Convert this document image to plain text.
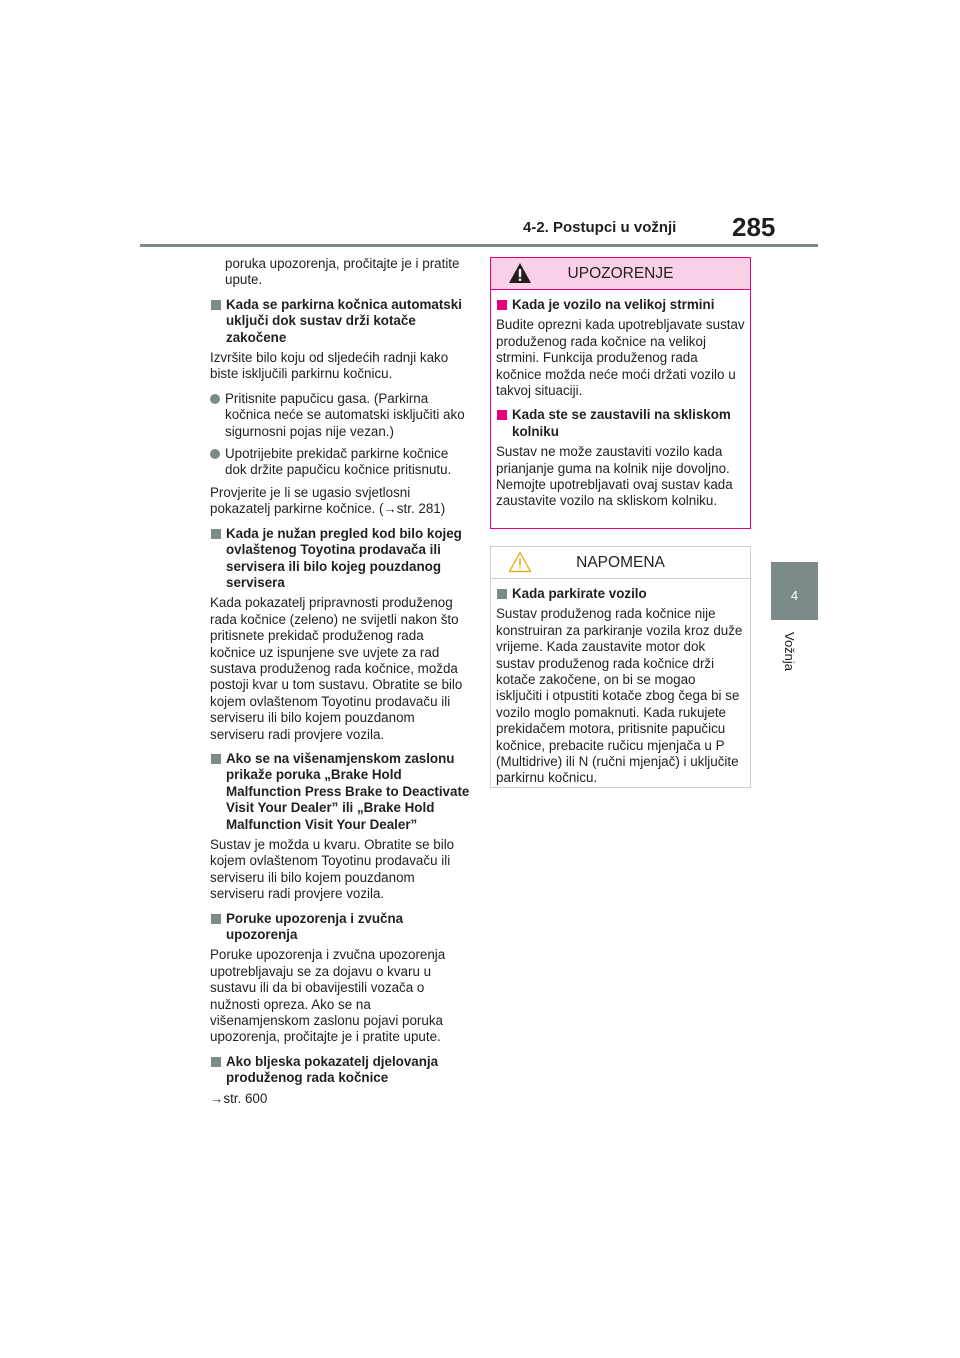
4-2. Postupci u vožnji 285
4
Vožnja

poruka upozorenja, pročitajte je i pratite upute.

Kada se parkirna kočnica automatski uključi dok sustav drži kotače zakočene

Izvršite bilo koju od sljedećih radnji kako biste isključili parkirnu kočnicu.

Pritisnite papučicu gasa. (Parkirna kočnica neće se automatski isključiti ako sigurnosni pojas nije vezan.)
Upotrijebite prekidač parkirne kočnice dok držite papučicu kočnice pritisnutu.

Provjerite je li se ugasio svjetlosni pokazatelj parkirne kočnice. (→str. 281)

Kada je nužan pregled kod bilo kojeg ovlaštenog Toyotina prodavača ili servisera ili bilo kojeg pouzdanog servisera

Kada pokazatelj pripravnosti produženog rada kočnice (zeleno) ne svijetli nakon što pritisnete prekidač produženog rada kočnice uz ispunjene sve uvjete za rad sustava produženog rada kočnice, možda postoji kvar u tom sustavu. Obratite se bilo kojem ovlaštenom Toyotinu prodavaču ili serviseru ili bilo kojem pouzdanom serviseru radi provjere vozila.

Ako se na višenamjenskom zaslonu prikaže poruka „Brake Hold Malfunction Press Brake to Deactivate Visit Your Dealer” ili „Brake Hold Malfunction Visit Your Dealer”

Sustav je možda u kvaru. Obratite se bilo kojem ovlaštenom Toyotinu prodavaču ili serviseru ili bilo kojem pouzdanom serviseru radi provjere vozila.

Poruke upozorenja i zvučna upozorenja

Poruke upozorenja i zvučna upozorenja upotrebljavaju se za dojavu o kvaru u sustavu ili da bi obavijestili vozača o nužnosti opreza. Ako se na višenamjenskom zaslonu pojavi poruka upozorenja, pročitajte je i pratite upute.

Ako bljeska pokazatelj djelovanja produženog rada kočnice

→str. 600

UPOZORENJE
Kada je vozilo na velikoj strmini

Budite oprezni kada upotrebljavate sustav produženog rada kočnice na velikoj strmini. Funkcija produženog rada kočnice možda neće moći držati vozilo u takvoj situaciji.

Kada ste se zaustavili na skliskom kolniku

Sustav ne može zaustaviti vozilo kada prianjanje guma na kolnik nije dovoljno. Nemojte upotrebljavati ovaj sustav kada zaustavite vozilo na skliskom kolniku.

NAPOMENA
Kada parkirate vozilo

Sustav produženog rada kočnice nije konstruiran za parkiranje vozila kroz duže vrijeme. Kada zaustavite motor dok sustav produženog rada kočnice drži kotače zakočene, on bi se mogao isključiti i otpustiti kotače zbog čega bi se vozilo moglo pomaknuti. Kada rukujete prekidačem motora, pritisnite papučicu kočnice, prebacite ručicu mjenjača u P (Multidrive) ili N (ručni mjenjač) i uključite parkirnu kočnicu.
